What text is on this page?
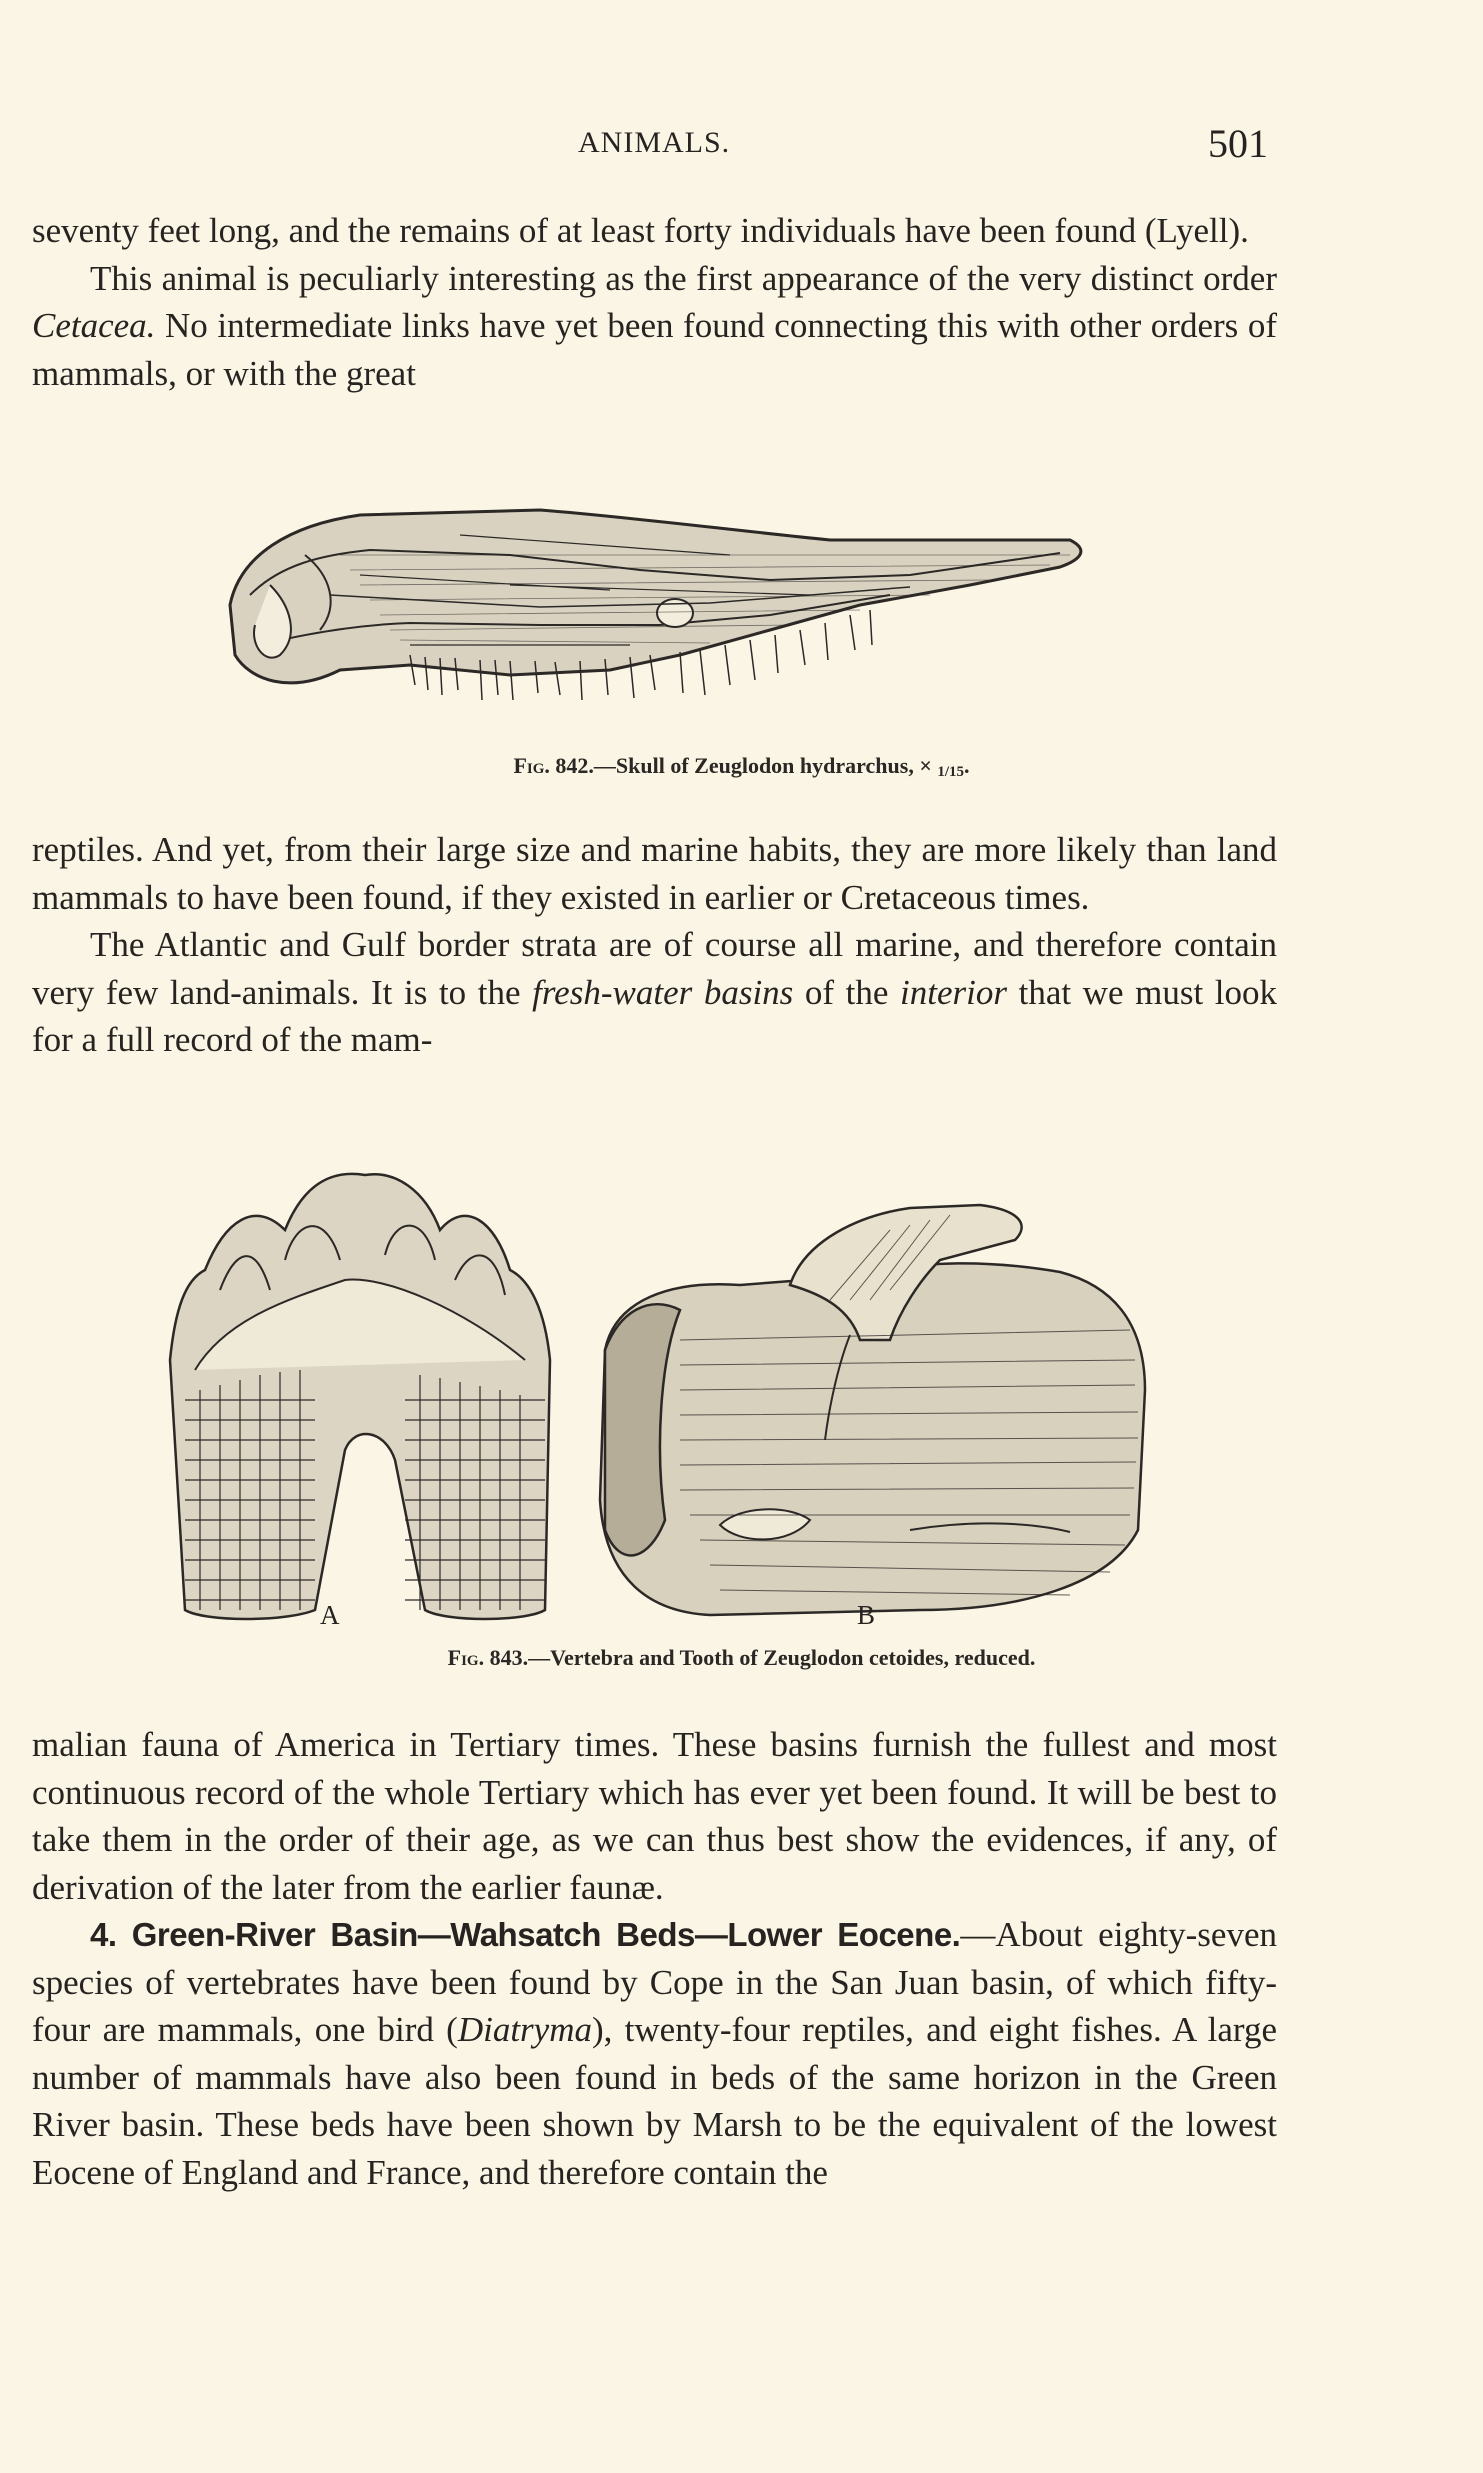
ANIMALS.	501

seventy feet long, and the remains of at least forty individuals have been found (Lyell).

This animal is peculiarly interesting as the first appearance of the very distinct order Cetacea. No intermediate links have yet been found connecting this with other orders of mammals, or with the great

Fig. 842.—Skull of Zeuglodon hydrarchus, × 1/15.

reptiles. And yet, from their large size and marine habits, they are more likely than land mammals to have been found, if they existed in earlier or Cretaceous times.

The Atlantic and Gulf border strata are of course all marine, and therefore contain very few land-animals. It is to the fresh-water basins of the interior that we must look for a full record of the mam-

A	B
Fig. 843.—Vertebra and Tooth of Zeuglodon cetoides, reduced.

malian fauna of America in Tertiary times. These basins furnish the fullest and most continuous record of the whole Tertiary which has ever yet been found. It will be best to take them in the order of their age, as we can thus best show the evidences, if any, of derivation of the later from the earlier faunæ.

4. Green-River Basin—Wahsatch Beds—Lower Eocene.—About eighty-seven species of vertebrates have been found by Cope in the San Juan basin, of which fifty-four are mammals, one bird (Diatryma), twenty-four reptiles, and eight fishes. A large number of mammals have also been found in beds of the same horizon in the Green River basin. These beds have been shown by Marsh to be the equivalent of the lowest Eocene of England and France, and therefore contain the
